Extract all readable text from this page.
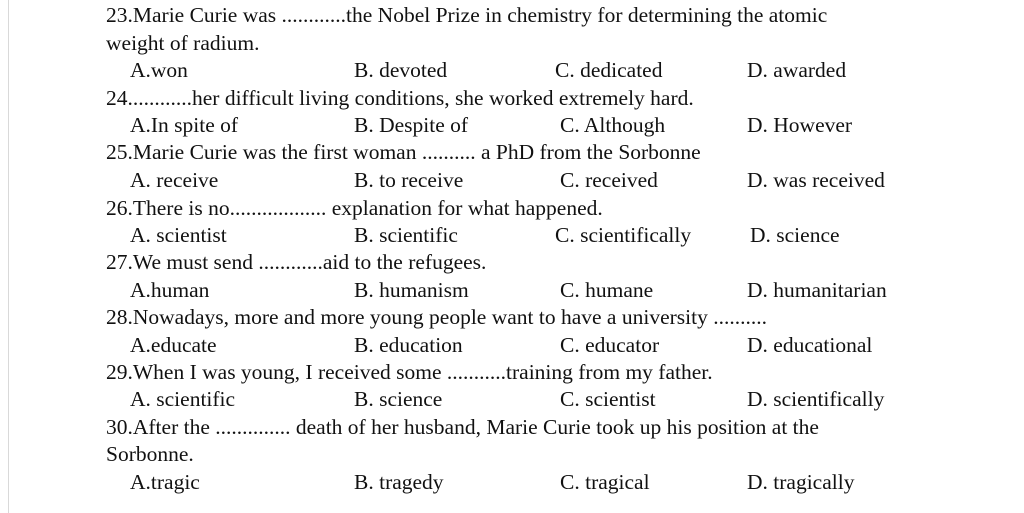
23.Marie Curie was ............the Nobel Prize in chemistry for determining the atomic
weight of radium.
A.won	B. devoted	C. dedicated	D. awarded
24............her difficult living conditions, she worked extremely hard.
A.In spite of	B. Despite of	C. Although	D. However
25.Marie Curie was the first woman .......... a PhD from the Sorbonne
A. receive	B. to receive	C. received	D. was received
26.There is no.................. explanation for what happened.
A. scientist	B. scientific	C. scientifically	D. science
27.We must send ............aid to the refugees.
A.human	B. humanism	C. humane	D. humanitarian
28.Nowadays, more and more young people want to have a university ..........
A.educate	B. education	C. educator	D. educational
29.When I was young, I received some ...........training from my father.
A. scientific	B. science	C. scientist	D. scientifically
30.After the .............. death of her husband, Marie Curie took up his position at the
Sorbonne.
A.tragic	B. tragedy	C. tragical	D. tragically
